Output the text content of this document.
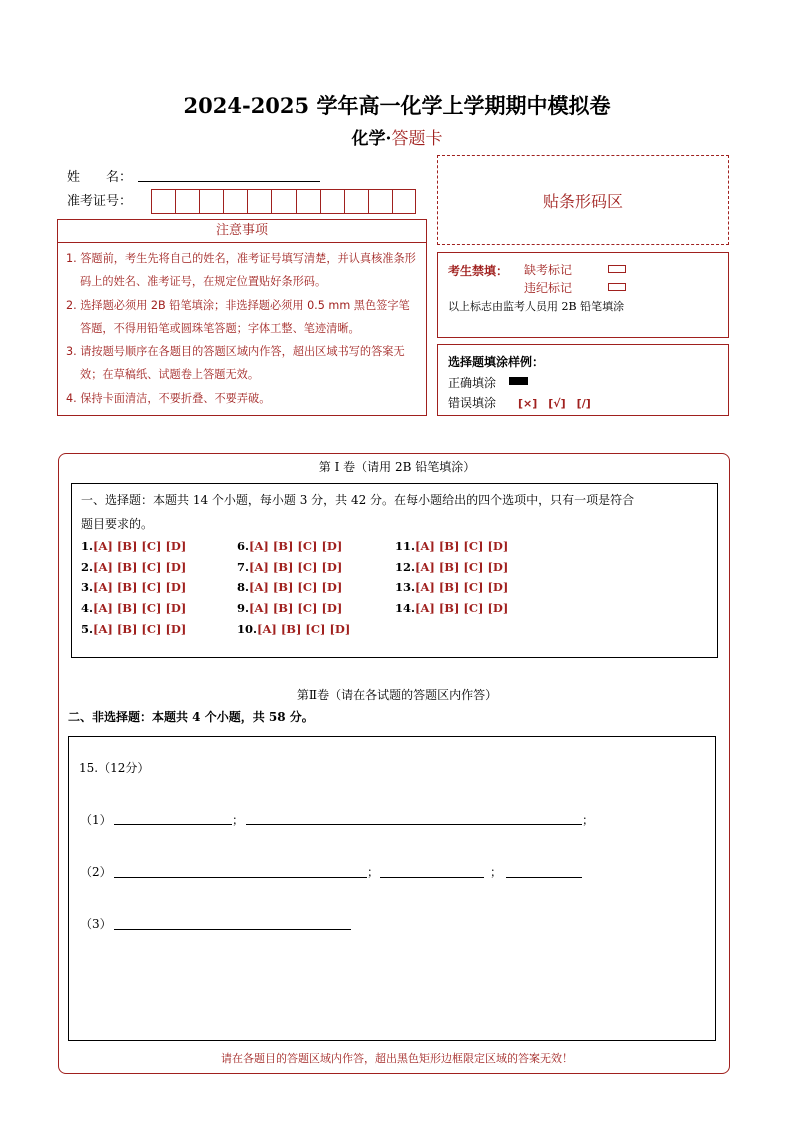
2024-2025 学年高一化学上学期期中模拟卷
化学·答题卡
姓　　名：
准考证号：	贴条形码区
注意事项

1. 答题前，考生先将自己的姓名，准考证号填写清楚，并认真核准条形码上的姓名、准考证号，在规定位置贴好条形码。

2. 选择题必须用 2B 铅笔填涂；非选择题必须用 0.5 mm 黑色签字笔答题，不得用铅笔或圆珠笔答题；字体工整、笔迹清晰。

3. 请按题号顺序在各题目的答题区域内作答，超出区域书写的答案无效；在草稿纸、试题卷上答题无效。

4. 保持卡面清洁，不要折叠、不要弄破。

考生禁填： 缺考标记
违纪标记
以上标志由监考人员用 2B 铅笔填涂
选择题填涂样例：
正确填涂
错误填涂 [×]　[√]　[/]
第 I 卷（请用 2B 铅笔填涂）
一、选择题：本题共 14 个小题，每小题 3 分，共 42 分。在每小题给出的四个选项中，只有一项是符合
题目要求的。
1.[A] [B] [C] [D]
2.[A] [B] [C] [D]
3.[A] [B] [C] [D]
4.[A] [B] [C] [D]
5.[A] [B] [C] [D]
6.[A] [B] [C] [D]
7.[A] [B] [C] [D]
8.[A] [B] [C] [D]
9.[A] [B] [C] [D]
10.[A] [B] [C] [D]
11.[A] [B] [C] [D]
12.[A] [B] [C] [D]
13.[A] [B] [C] [D]
14.[A] [B] [C] [D]
第Ⅱ卷（请在各试题的答题区内作答）
二、非选择题：本题共 4 个小题，共 58 分。
15.（12分）
（1）	；	；
（2）	；	；
（3）
请在各题目的答题区域内作答，超出黑色矩形边框限定区域的答案无效！
